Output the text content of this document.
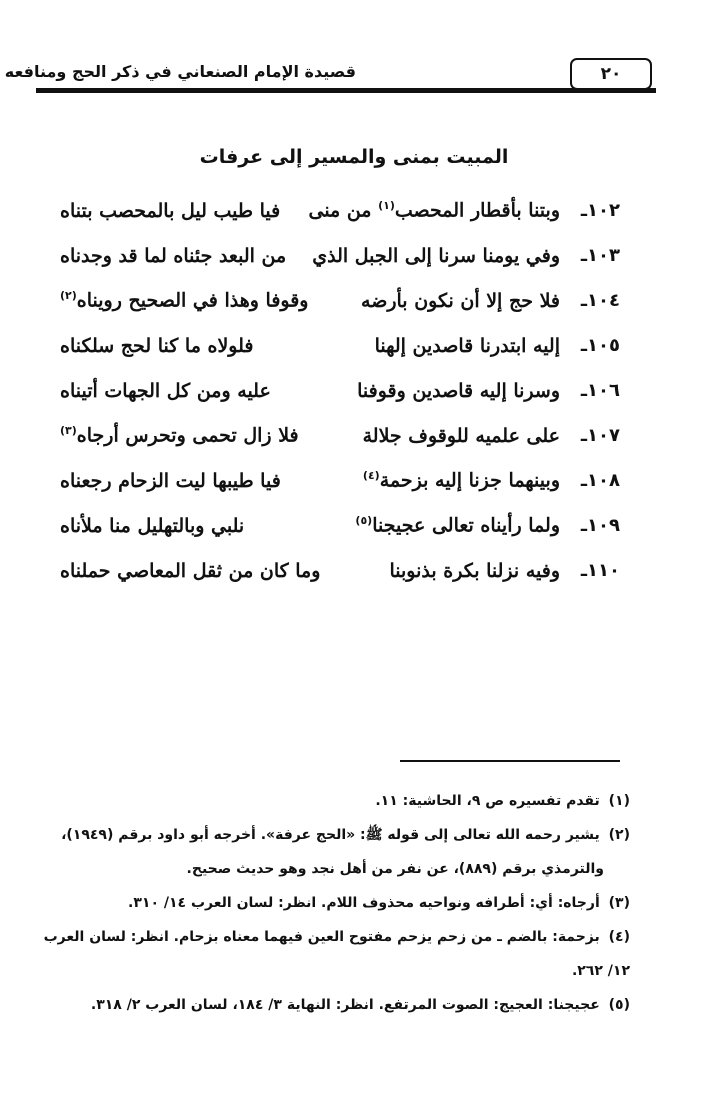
٢٠
قصيدة الإمام الصنعاني في ذكر الحج ومنافعه
المبيت بمنى والمسير إلى عرفات
١٠٢ـ
وبتنا بأقطار المحصب$^{(١)}$ من منى
فيا طيب ليل بالمحصب بتناه
١٠٣ـ
وفي يومنا سرنا إلى الجبل الذي
من البعد جئناه لما قد وجدناه
١٠٤ـ
فلا حج إلا أن نكون بأرضه
وقوفا وهذا في الصحيح رويناه$^{(٢)}$
١٠٥ـ
إليه ابتدرنا قاصدين إلهنا
فلولاه ما كنا لحج سلكناه
١٠٦ـ
وسرنا إليه قاصدين وقوفنا
عليه ومن كل الجهات أتيناه
١٠٧ـ
على علميه للوقوف جلالة
فلا زال تحمى وتحرس أرجاه$^{(٣)}$
١٠٨ـ
وبينهما جزنا إليه بزحمة$^{(٤)}$
فيا طيبها ليت الزحام رجعناه
١٠٩ـ
ولما رأيناه تعالى عجيجنا$^{(٥)}$
نلبي وبالتهليل منا ملأناه
١١٠ـ
وفيه نزلنا بكرة بذنوبنا
وما كان من ثقل المعاصي حملناه
(١) تقدم تفسيره ص ٩، الحاشية: ١١.
(٢) يشير رحمه الله تعالى إلى قوله ﷺ: «الحج عرفة». أخرجه أبو داود برقم (١٩٤٩)،
والترمذي برقم (٨٨٩)، عن نفر من أهل نجد وهو حديث صحيح.
(٣) أرجاه: أي: أطرافه ونواحيه محذوف اللام. انظر: لسان العرب ١٤/ ٣١٠.
(٤) بزحمة: بالضم ـ من زحم يزحم مفتوح العين فيهما معناه بزحام. انظر: لسان العرب ١٢/ ٢٦٢.
(٥) عجيجنا: العجيج: الصوت المرتفع. انظر: النهاية ٣/ ١٨٤، لسان العرب ٢/ ٣١٨.
